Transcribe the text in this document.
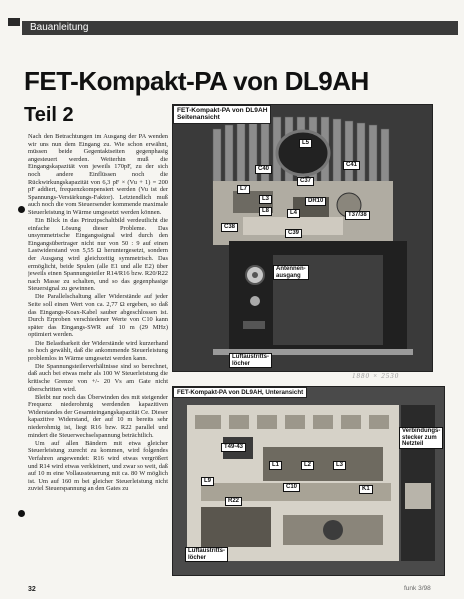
Bauanleitung
FET-Kompakt-PA von DL9AH
Teil 2

Nach den Betrachtungen im Ausgang der PA wenden wir uns nun dem Eingang zu. Wie schon erwähnt, müssen beide Gegentaktseiten gegenphasig angesteuert werden. Weiterhin muß die Eingangskapazität von jeweils 170pF, zu der sich noch andere Einflüssen noch die Rückwirkungskapazität von 6,3 pF × (Vu + 1) = 200 pF addiert, frequenzkompensiert werden (Vu ist der Spannungs-Verstärkungs-Faktor). Letztendlich muß auch noch die vom Steuersender kommende maximale Steuerleistung in Wärme umgesetzt werden können.

Ein Blick in das Prinzipschaltbild verdeutlicht die einfache Lösung dieser Probleme. Das unsymmetrische Eingangssignal wird durch den Eingangsübertrager nicht nur von 50 : 9 auf einen Lastwiderstand von 5,55 Ω heruntergesetzt, sondern der Ausgang wird gleichzeitig symmetrisch. Das ermöglicht, beide Spulen (alle E1 und alle E2) über jeweils einen Spannungsteiler R14/R16 bzw. R20/R22 nach Masse zu schalten, und so das gegenphasige Steuersignal zu gewinnen.

Die Parallelschaltung aller Widerstände auf jeder Seite soll einen Wert von ca. 2,77 Ω ergeben, so daß das Eingangs-Koax-Kabel sauber abgeschlossen ist. Durch Erproben verschiedener Werte von C10 kann später das Eingangs-SWR auf 10 m (29 MHz) optimiert werden.

Die Belastbarkeit der Widerstände wird kurzerhand so hoch gewählt, daß die ankommende Steuerleistung problemlos in Wärme umgesetzt werden kann.

Die Spannungsteilerverhältnisse sind so berechnet, daß auch bei etwas mehr als 100 W Steuerleistung die kritische Grenze von +/- 20 Vs am Gate nicht überschritten wird.

Bleibt nur noch das Überwinden des mit steigender Frequenz niederohmig werdenden kapazitiven Widerstandes der Gesamteingangskapazität Ce. Dieser kapazitive Widerstand, der auf 10 m bereits sehr niederohmig ist, liegt R16 bzw. R22 parallel und mindert die Steuerwechselspannung beträchtlich.

Um auf allen Bändern mit etwa gleicher Steuerleistung zurecht zu kommen, wird folgendes Verfahren angewendet: R16 wird etwas vergrößert und R14 wird etwas verkleinert, und zwar so weit, daß auf 10 m eine Vollaussteuerung mit ca. 80 W möglich ist. Um auf 160 m bei gleicher Steuerleistung nicht zuviel Steuerspannung an den Gates zu

FET-Kompakt-PA von DL9AH
Seitenansicht
L5
C41
C40
L7
C37
L3	DR10
L8	L4	T37/38
C38
C39
Antennen-
ausgang
Luftaustritts-
löcher
1880 × 2530
FET-Kompakt-PA von DL9AH, Unteransicht
T49-43
L1	L2	L3
L9
C10	K1
R22
Verbindungs-
stecker zum
Netzteil
Luftaustritts-
löcher
32	funk 3/98
